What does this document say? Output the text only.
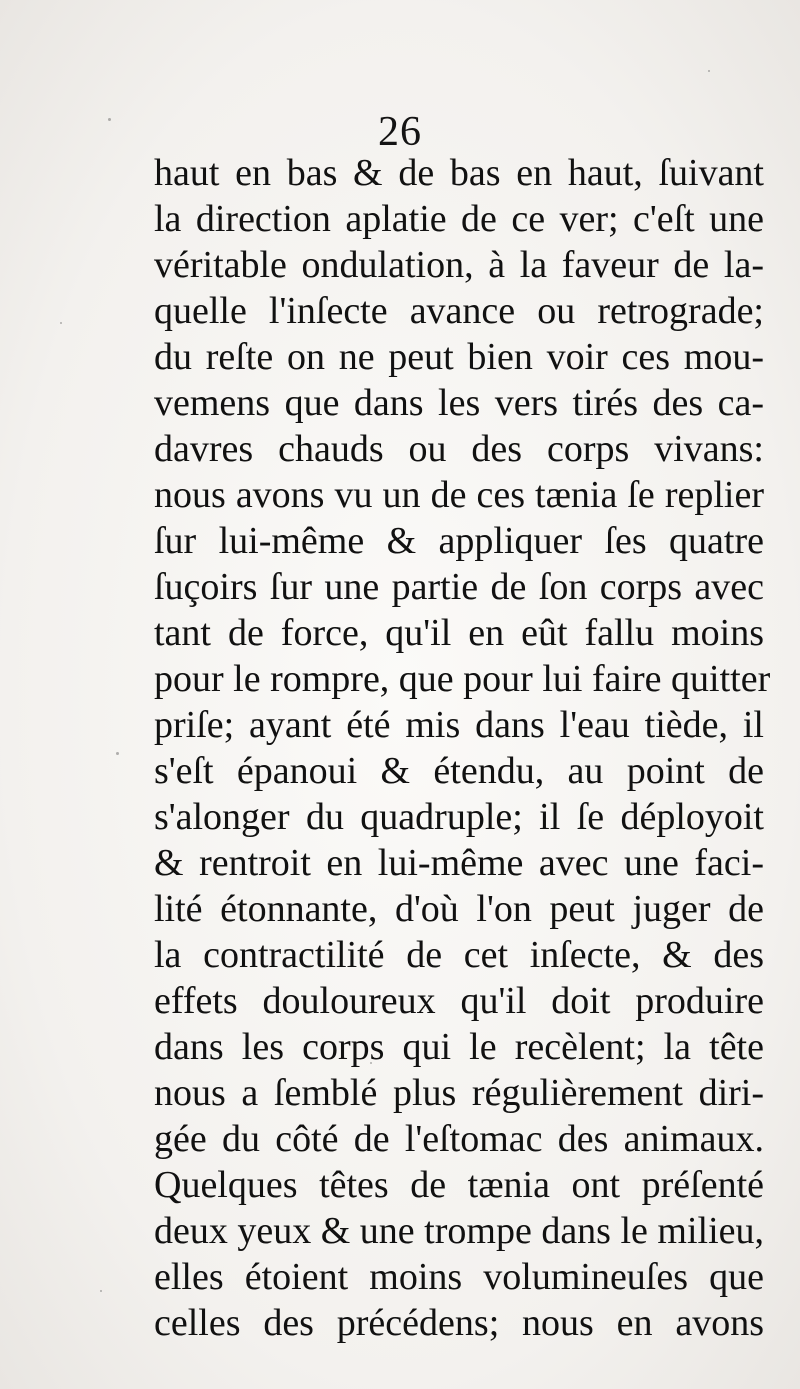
26
haut en bas & de bas en haut, ſuivant
la direction aplatie de ce ver; c'eſt une
véritable ondulation, à la faveur de la-
quelle l'inſecte avance ou retrograde;
du reſte on ne peut bien voir ces mou-
vemens que dans les vers tirés des ca-
davres chauds ou des corps vivans:
nous avons vu un de ces tænia ſe replier
ſur lui-même & appliquer ſes quatre
ſuçoirs ſur une partie de ſon corps avec
tant de force, qu'il en eût fallu moins
pour le rompre, que pour lui faire quitter
priſe; ayant été mis dans l'eau tiède, il
s'eſt épanoui & étendu, au point de
s'alonger du quadruple; il ſe déployoit
& rentroit en lui-même avec une faci-
lité étonnante, d'où l'on peut juger de
la contractilité de cet inſecte, & des
effets douloureux qu'il doit produire
dans les corps qui le recèlent; la tête
nous a ſemblé plus régulièrement diri-
gée du côté de l'eſtomac des animaux.
Quelques têtes de tænia ont préſenté
deux yeux & une trompe dans le milieu,
elles étoient moins volumineuſes que
celles des précédens; nous en avons
